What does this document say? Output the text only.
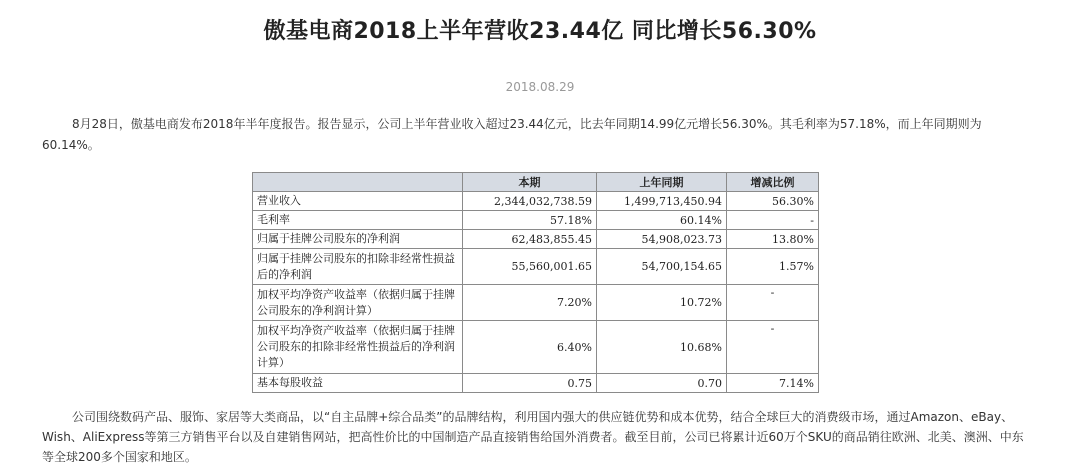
傲基电商2018上半年营收23.44亿 同比增长56.30%
2018.08.29
8月28日，傲基电商发布2018年半年度报告。报告显示，公司上半年营业收入超过23.44亿元，比去年同期14.99亿元增长56.30%。其毛利率为57.18%，而上年同期则为60.14%。
	本期	上年同期	增减比例
营业收入	2,344,032,738.59	1,499,713,450.94	56.30%
毛利率	57.18%	60.14%	-
归属于挂牌公司股东的净利润	62,483,855.45	54,908,023.73	13.80%
归属于挂牌公司股东的扣除非经常性损益后的净利润	55,560,001.65	54,700,154.65	1.57%
加权平均净资产收益率（依据归属于挂牌公司股东的净利润计算）	7.20%	10.72%	-
加权平均净资产收益率（依据归属于挂牌公司股东的扣除非经常性损益后的净利润计算）	6.40%	10.68%	-
基本每股收益	0.75	0.70	7.14%
公司围绕数码产品、服饰、家居等大类商品，以“自主品牌+综合品类”的品牌结构，利用国内强大的供应链优势和成本优势，结合全球巨大的消费级市场，通过Amazon、eBay、Wish、AliExpress等第三方销售平台以及自建销售网站，把高性价比的中国制造产品直接销售给国外消费者。截至目前，公司已将累计近60万个SKU的商品销往欧洲、北美、澳洲、中东等全球200多个国家和地区。
